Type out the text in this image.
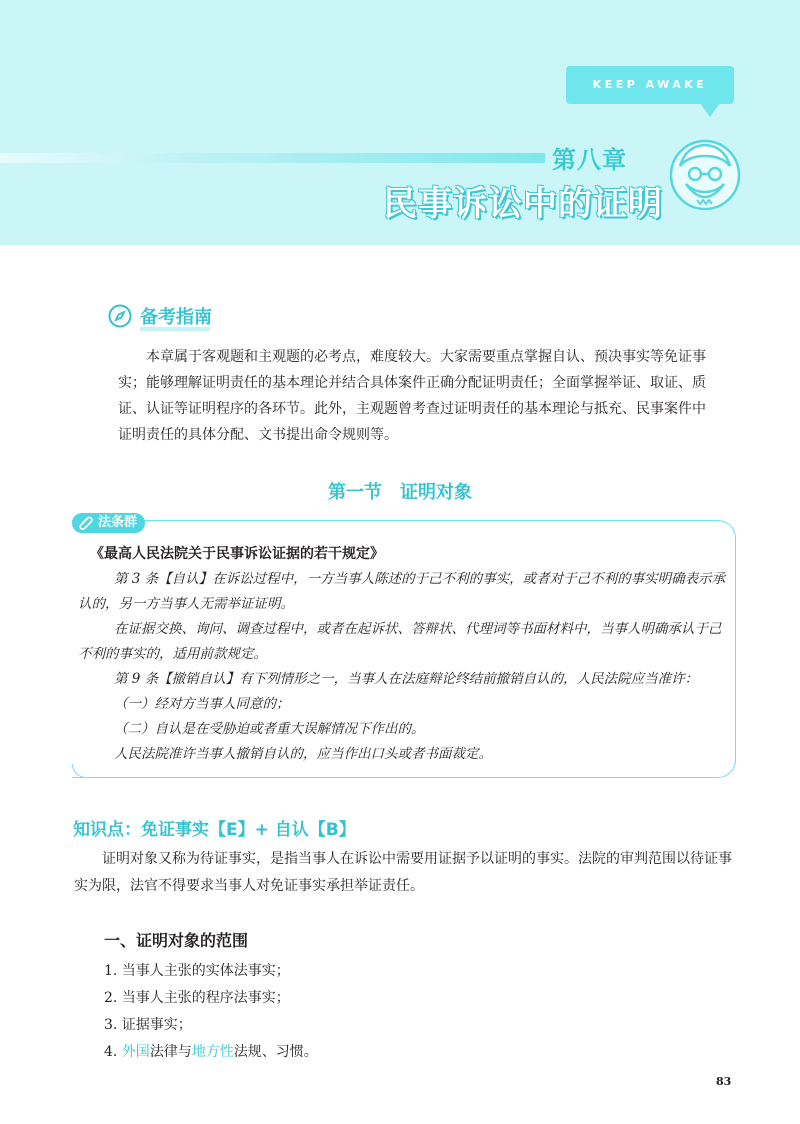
KEEP AWAKE
第八章
民事诉讼中的证明
备考指南

本章属于客观题和主观题的必考点，难度较大。大家需要重点掌握自认、预决事实等免证事实；能够理解证明责任的基本理论并结合具体案件正确分配证明责任；全面掌握举证、取证、质证、认证等证明程序的各环节。此外，主观题曾考查过证明责任的基本理论与抵充、民事案件中证明责任的具体分配、文书提出命令规则等。

第一节　证明对象
法条群
《最高人民法院关于民事诉讼证据的若干规定》

第 3 条【自认】在诉讼过程中，一方当事人陈述的于己不利的事实，或者对于己不利的事实明确表示承认的，另一方当事人无需举证证明。

在证据交换、询问、调查过程中，或者在起诉状、答辩状、代理词等书面材料中，当事人明确承认于己不利的事实的，适用前款规定。

第 9 条【撤销自认】有下列情形之一，当事人在法庭辩论终结前撤销自认的，人民法院应当准许：

（一）经对方当事人同意的；

（二）自认是在受胁迫或者重大误解情况下作出的。

人民法院准许当事人撤销自认的，应当作出口头或者书面裁定。

知识点：免证事实【E】+ 自认【B】

证明对象又称为待证事实，是指当事人在诉讼中需要用证据予以证明的事实。法院的审判范围以待证事实为限，法官不得要求当事人对免证事实承担举证责任。

一、证明对象的范围
1. 当事人主张的实体法事实；
2. 当事人主张的程序法事实；
3. 证据事实；
4. 外国法律与地方性法规、习惯。
83
